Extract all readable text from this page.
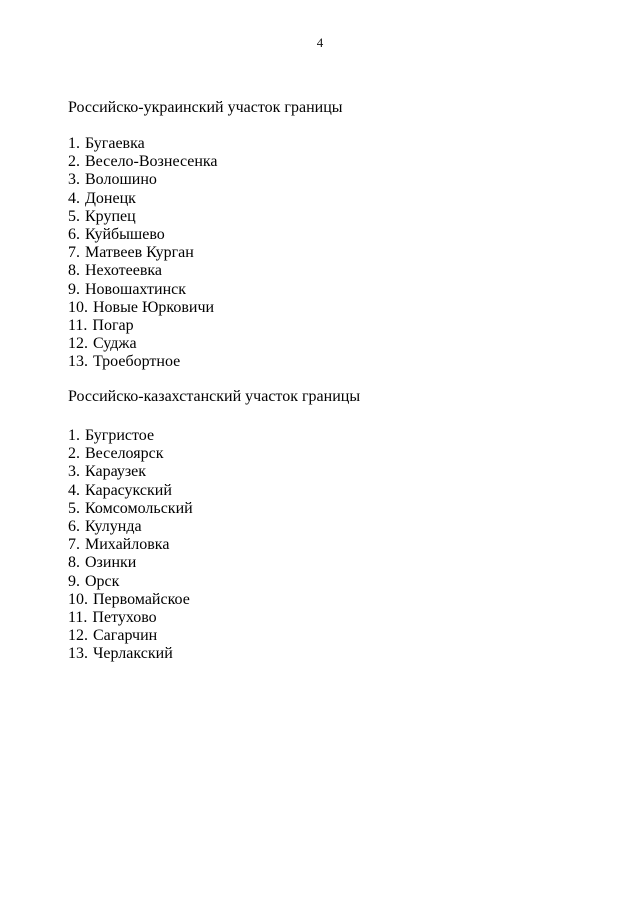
4
Российско-украинский участок границы
1. Бугаевка
2. Весело-Вознесенка
3. Волошино
4. Донецк
5. Крупец
6. Куйбышево
7. Матвеев Курган
8. Нехотеевка
9. Новошахтинск
10. Новые Юрковичи
11. Погар
12. Суджа
13. Троебортное
Российско-казахстанский участок границы
1. Бугристое
2. Веселоярск
3. Караузек
4. Карасукский
5. Комсомольский
6. Кулунда
7. Михайловка
8. Озинки
9. Орск
10. Первомайское
11. Петухово
12. Сагарчин
13. Черлакский
